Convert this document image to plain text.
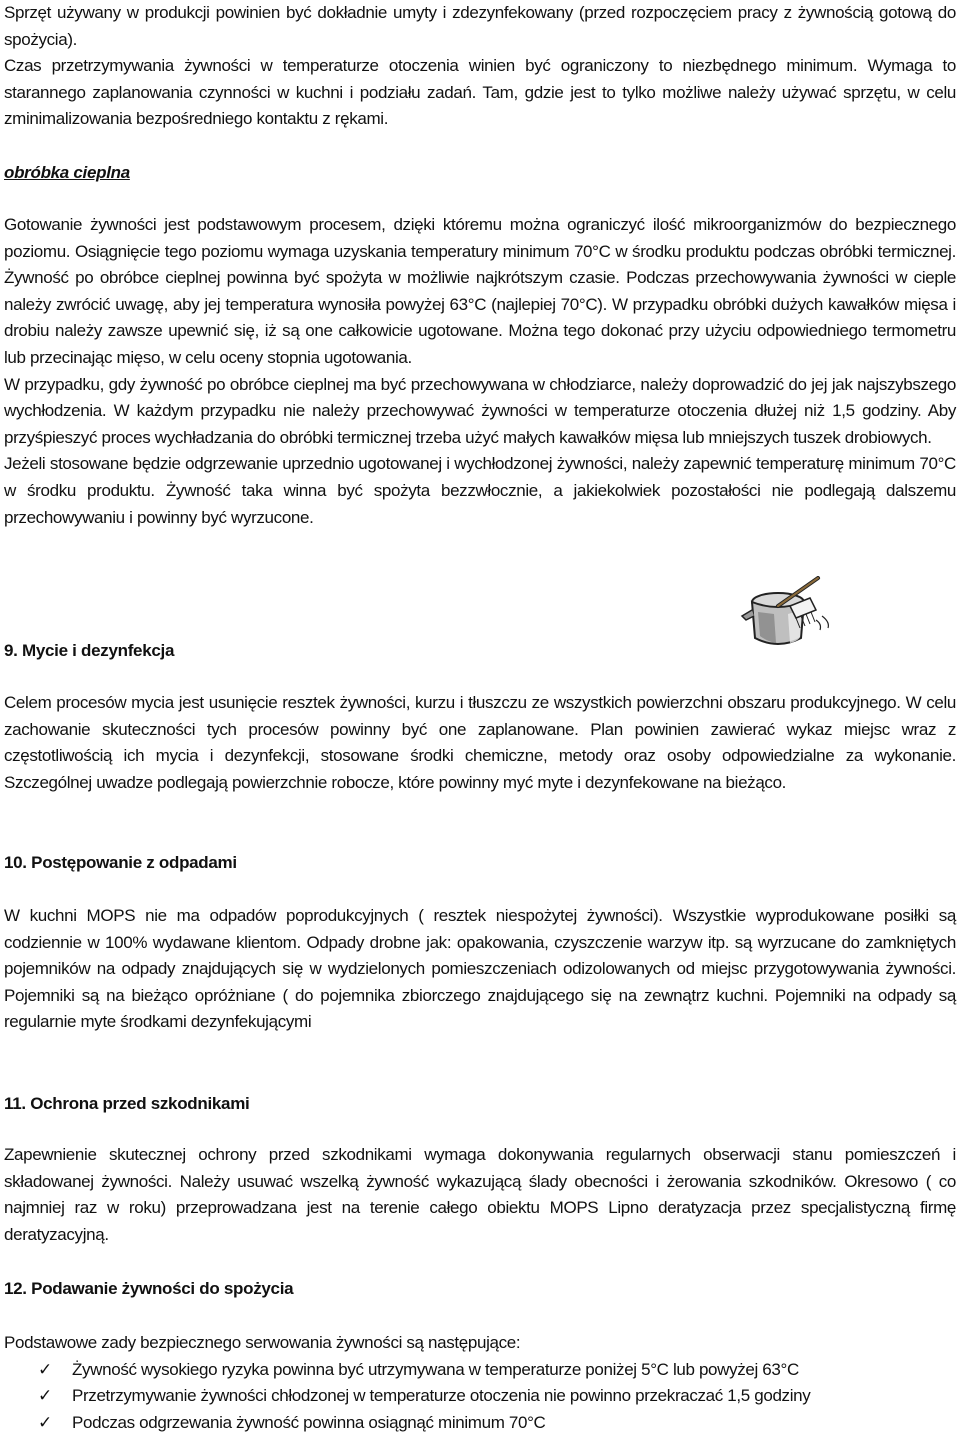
Sprzęt używany w produkcji powinien być dokładnie umyty i zdezynfekowany (przed rozpoczęciem pracy z żywnością gotową do spożycia).

Czas przetrzymywania żywności w temperaturze otoczenia winien być ograniczony to niezbędnego minimum. Wymaga to starannego zaplanowania czynności w kuchni i podziału zadań. Tam, gdzie jest to tylko możliwe należy używać sprzętu, w celu zminimalizowania bezpośredniego kontaktu z rękami.

obróbka cieplna

Gotowanie żywności jest podstawowym procesem, dzięki któremu można ograniczyć ilość mikroorganizmów do bezpiecznego poziomu. Osiągnięcie tego poziomu wymaga uzyskania temperatury minimum 70°C w środku produktu podczas obróbki termicznej. Żywność po obróbce cieplnej powinna być spożyta w możliwie najkrótszym czasie. Podczas przechowywania żywności w cieple należy zwrócić uwagę, aby jej temperatura wynosiła powyżej 63°C (najlepiej 70°C). W przypadku obróbki dużych kawałków mięsa i drobiu należy zawsze upewnić się, iż są one całkowicie ugotowane. Można tego dokonać przy użyciu odpowiedniego termometru lub przecinając mięso, w celu oceny stopnia ugotowania.

W przypadku, gdy żywność po obróbce cieplnej ma być przechowywana w chłodziarce, należy doprowadzić do jej jak najszybszego wychłodzenia. W każdym przypadku nie należy przechowywać żywności w temperaturze otoczenia dłużej niż 1,5 godziny. Aby przyśpieszyć proces wychładzania do obróbki termicznej trzeba użyć małych kawałków mięsa lub mniejszych tuszek drobiowych.

Jeżeli stosowane będzie odgrzewanie uprzednio ugotowanej i wychłodzonej żywności, należy zapewnić temperaturę minimum 70°C w środku produktu. Żywność taka winna być spożyta bezzwłocznie, a jakiekolwiek pozostałości nie podlegają dalszemu przechowywaniu i powinny być wyrzucone.

9. Mycie i dezynfekcja

Celem procesów mycia jest usunięcie resztek żywności, kurzu i tłuszczu ze wszystkich powierzchni obszaru produkcyjnego. W celu zachowanie skuteczności tych procesów powinny być one zaplanowane. Plan powinien zawierać wykaz miejsc wraz z częstotliwością ich mycia i dezynfekcji, stosowane środki chemiczne, metody oraz osoby odpowiedzialne za wykonanie. Szczególnej uwadze podlegają powierzchnie robocze, które powinny myć myte i dezynfekowane na bieżąco.

10. Postępowanie z odpadami

W kuchni MOPS nie ma odpadów poprodukcyjnych ( resztek niespożytej żywności). Wszystkie wyprodukowane posiłki są codziennie w 100% wydawane klientom. Odpady drobne jak: opakowania, czyszczenie warzyw itp. są wyrzucane do zamkniętych pojemników na odpady znajdujących się w wydzielonych pomieszczeniach odizolowanych od miejsc przygotowywania żywności. Pojemniki są na bieżąco opróżniane ( do pojemnika zbiorczego znajdującego się na zewnątrz kuchni. Pojemniki na odpady są regularnie myte środkami dezynfekującymi

11. Ochrona przed szkodnikami

Zapewnienie skutecznej ochrony przed szkodnikami wymaga dokonywania regularnych obserwacji stanu pomieszczeń i składowanej żywności. Należy usuwać wszelką żywność wykazującą ślady obecności i żerowania szkodników. Okresowo ( co najmniej raz w roku) przeprowadzana jest na terenie całego obiektu MOPS Lipno deratyzacja przez specjalistyczną firmę deratyzacyjną.

12. Podawanie żywności do spożycia

Podstawowe zady bezpiecznego serwowania żywności są następujące:

✓ Żywność wysokiego ryzyka powinna być utrzymywana w temperaturze poniżej 5°C lub powyżej 63°C
✓ Przetrzymywanie żywności chłodzonej w temperaturze otoczenia nie powinno przekraczać 1,5 godziny
✓ Podczas odgrzewania żywność powinna osiągnąć minimum 70°C
